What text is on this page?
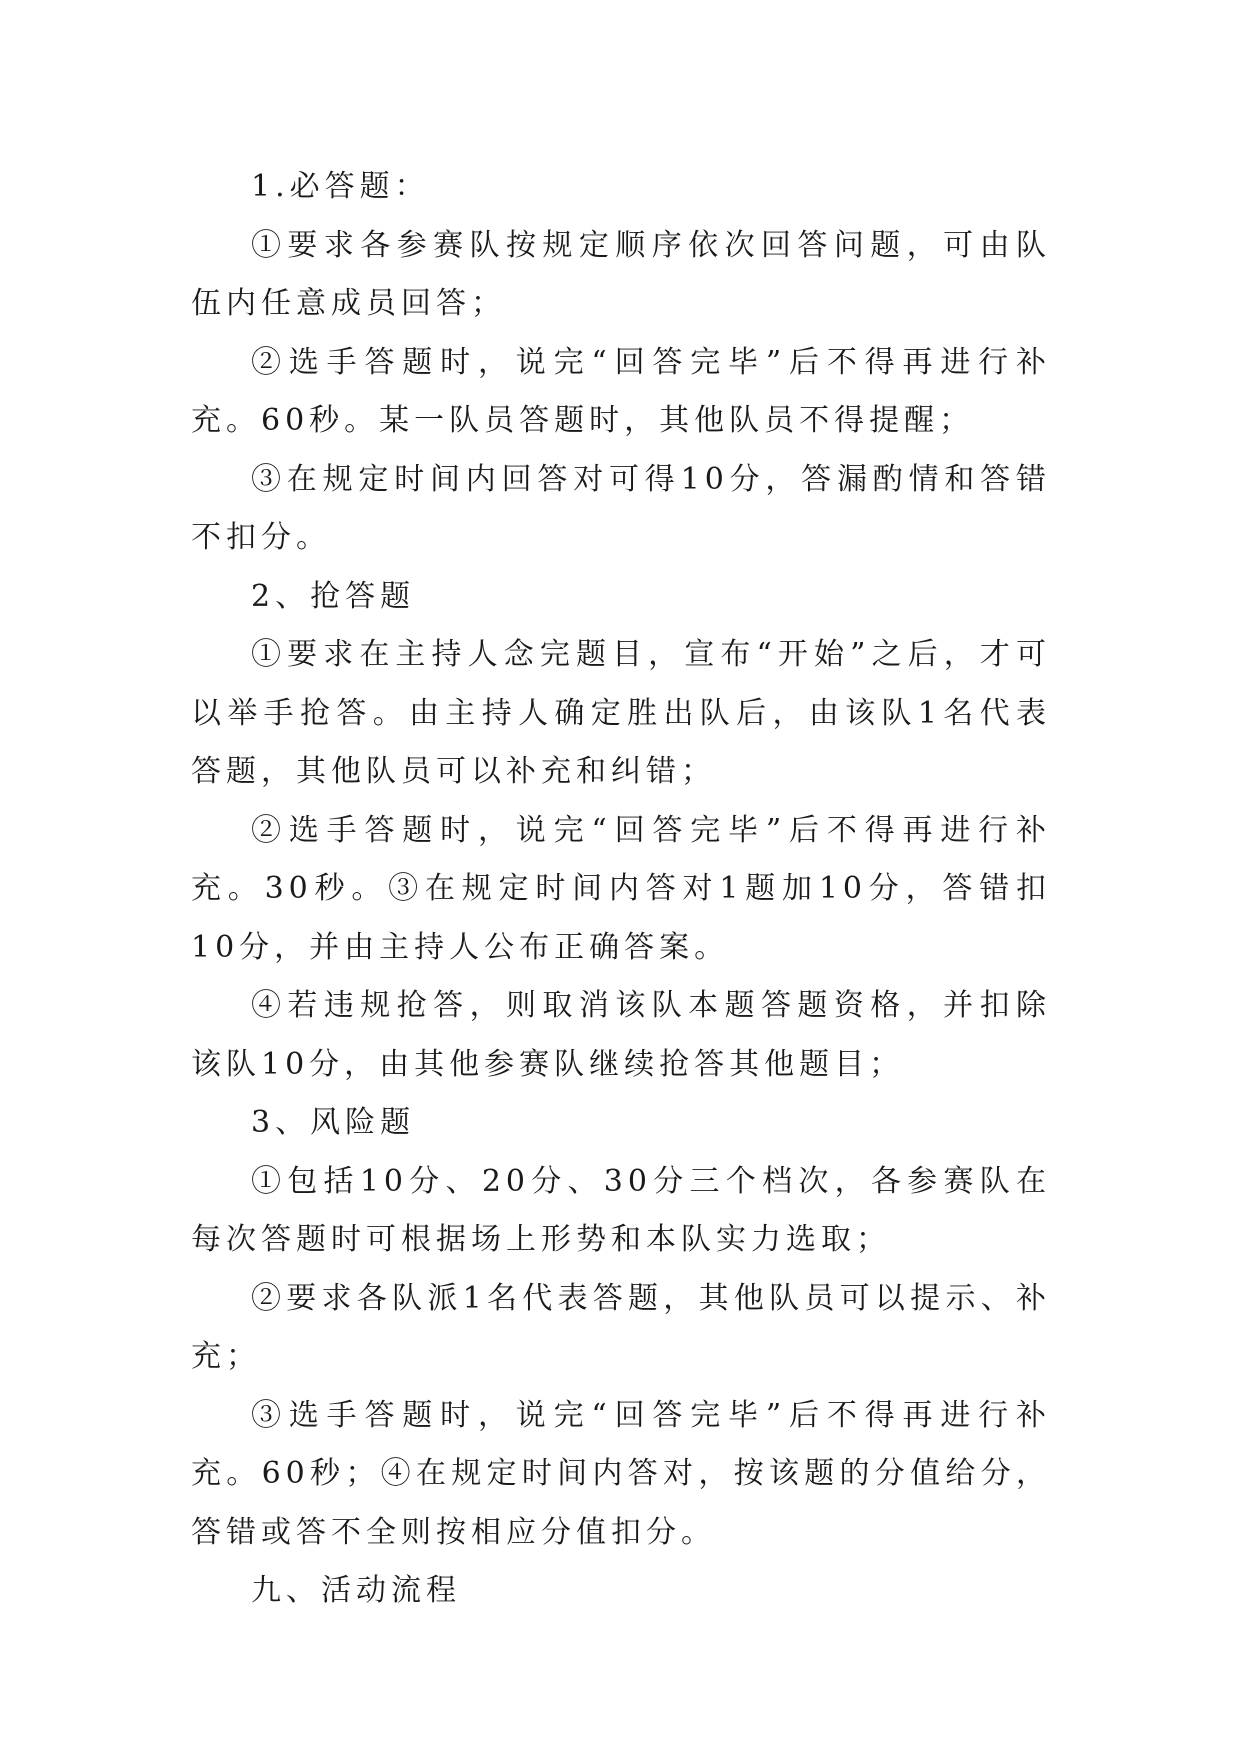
1.必答题：

①要求各参赛队按规定顺序依次回答问题，可由队伍内任意成员回答；

②选手答题时，说完“回答完毕”后不得再进行补充。60秒。某一队员答题时，其他队员不得提醒；

③在规定时间内回答对可得10分，答漏酌情和答错不扣分。

2、抢答题

①要求在主持人念完题目，宣布“开始”之后，才可以举手抢答。由主持人确定胜出队后，由该队1名代表答题，其他队员可以补充和纠错；

②选手答题时，说完“回答完毕”后不得再进行补充。30秒。③在规定时间内答对1题加10分，答错扣10分，并由主持人公布正确答案。

④若违规抢答，则取消该队本题答题资格，并扣除该队10分，由其他参赛队继续抢答其他题目；

3、风险题

①包括10分、20分、30分三个档次，各参赛队在每次答题时可根据场上形势和本队实力选取；

②要求各队派1名代表答题，其他队员可以提示、补充；

③选手答题时，说完“回答完毕”后不得再进行补充。60秒；④在规定时间内答对，按该题的分值给分，答错或答不全则按相应分值扣分。

九、活动流程
